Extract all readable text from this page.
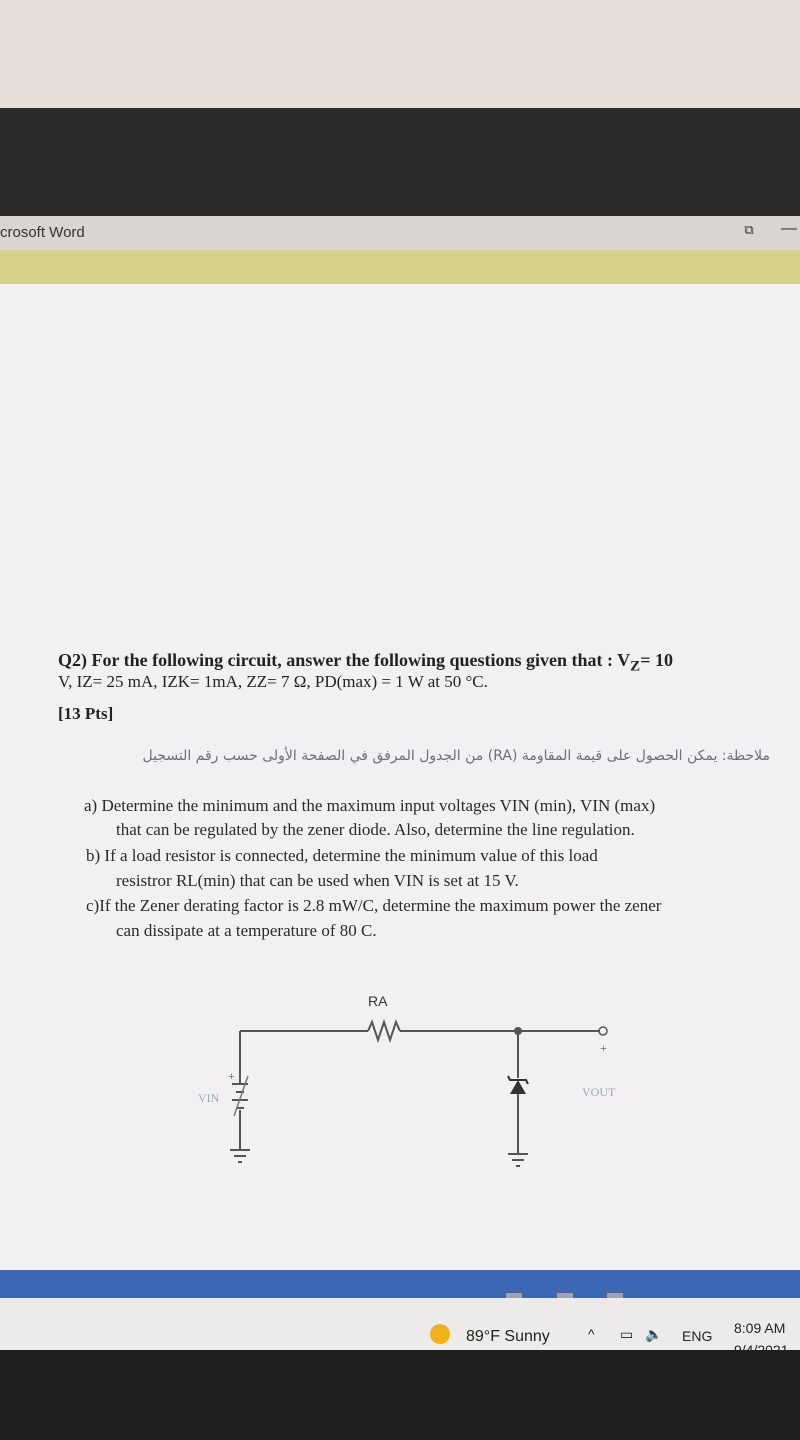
crosoft Word	⧉ —
Q2) For the following circuit, answer the following questions given that : $V_Z= 10$
V, IZ= 25 mA, IZK= 1mA, ZZ= 7 Ω, PD(max) = 1 W at 50 °C.
[13 Pts]
ملاحظة: يمكن الحصول على قيمة المقاومة (RA) من الجدول المرفق في الصفحة الأولى حسب رقم التسجيل
a) Determine the minimum and the maximum input voltages VIN (min), VIN (max)
that can be regulated by the zener diode. Also, determine the line regulation.
b) If a load resistor is connected, determine the minimum value of this load
resistror RL(min) that can be used when VIN is set at 15 V.
c)If the Zener derating factor is 2.8 mW/C, determine the maximum power the zener
can dissipate at a temperature of 80 C.
RA
+
+
VIN	VOUT
89°F Sunny	^ ▭ 🔈 ENG 8:09 AM
